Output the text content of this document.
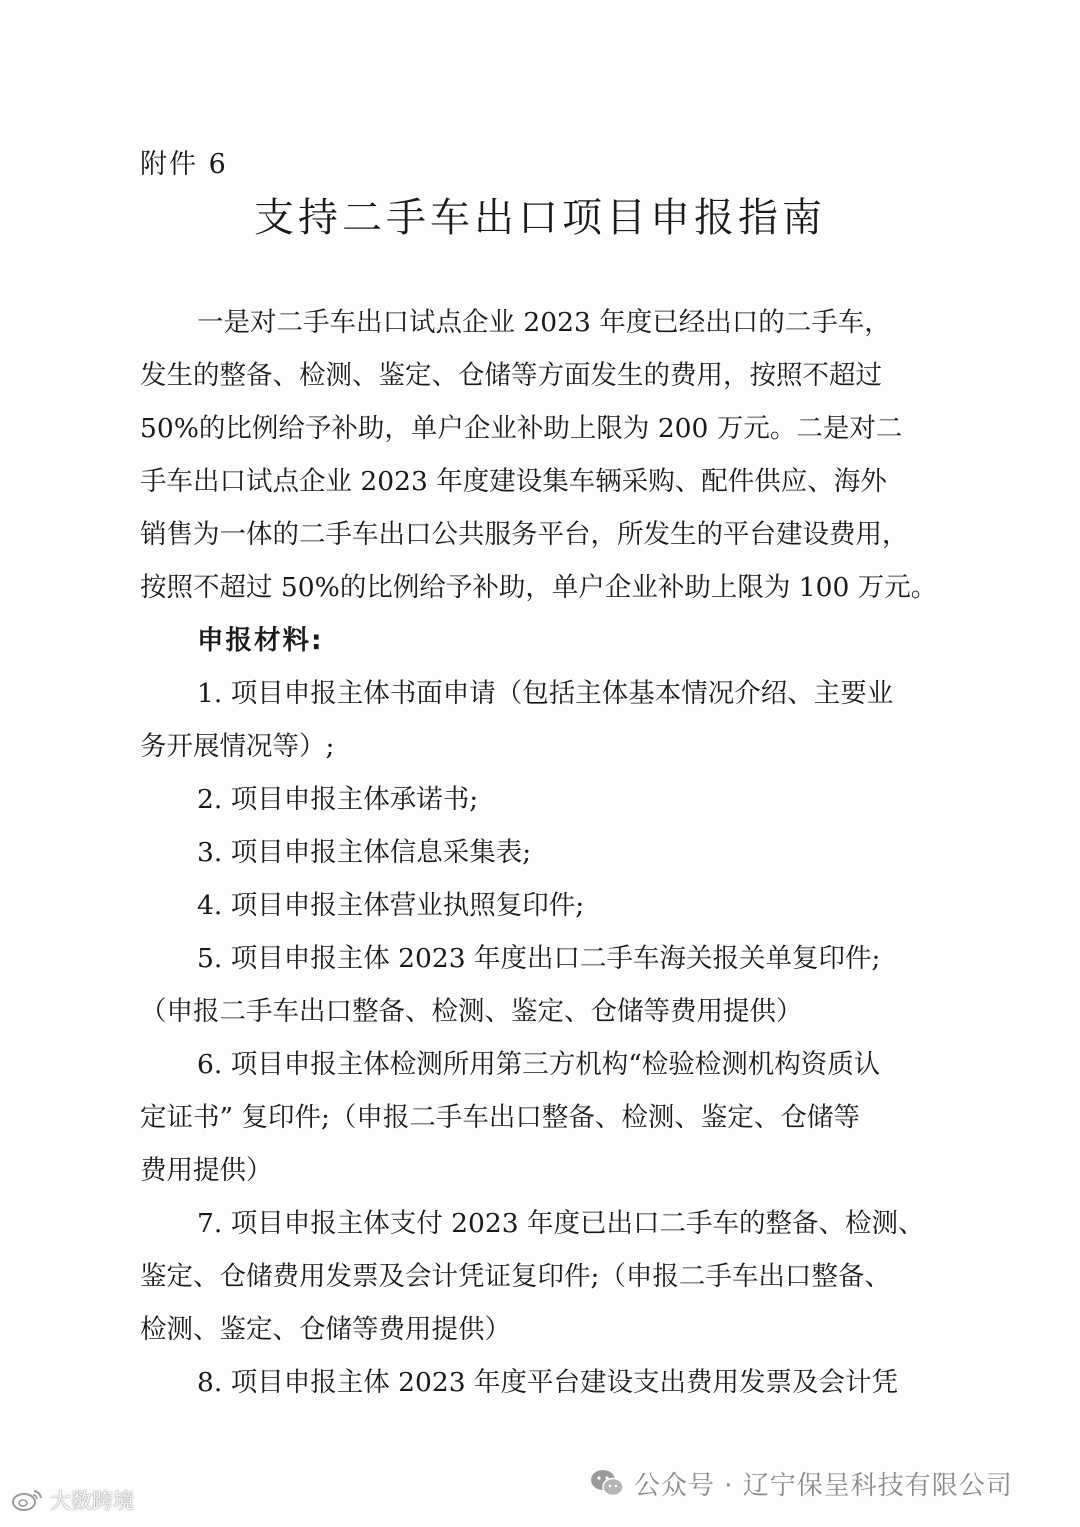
附件 6
支持二手车出口项目申报指南

一是对二手车出口试点企业 2023 年度已经出口的二手车，

发生的整备、检测、鉴定、仓储等方面发生的费用，按照不超过

50%的比例给予补助，单户企业补助上限为 200 万元。二是对二

手车出口试点企业 2023 年度建设集车辆采购、配件供应、海外

销售为一体的二手车出口公共服务平台，所发生的平台建设费用，

按照不超过 50%的比例给予补助，单户企业补助上限为 100 万元。

申报材料:

1. 项目申报主体书面申请（包括主体基本情况介绍、主要业

务开展情况等）;

2. 项目申报主体承诺书;

3. 项目申报主体信息采集表;

4. 项目申报主体营业执照复印件;

5. 项目申报主体 2023 年度出口二手车海关报关单复印件;

（申报二手车出口整备、检测、鉴定、仓储等费用提供）

6. 项目申报主体检测所用第三方机构“检验检测机构资质认

定证书” 复印件;（申报二手车出口整备、检测、鉴定、仓储等

费用提供）

7. 项目申报主体支付 2023 年度已出口二手车的整备、检测、

鉴定、仓储费用发票及会计凭证复印件;（申报二手车出口整备、

检测、鉴定、仓储等费用提供）

8. 项目申报主体 2023 年度平台建设支出费用发票及会计凭

公众号 · 辽宁保呈科技有限公司
大数跨境
